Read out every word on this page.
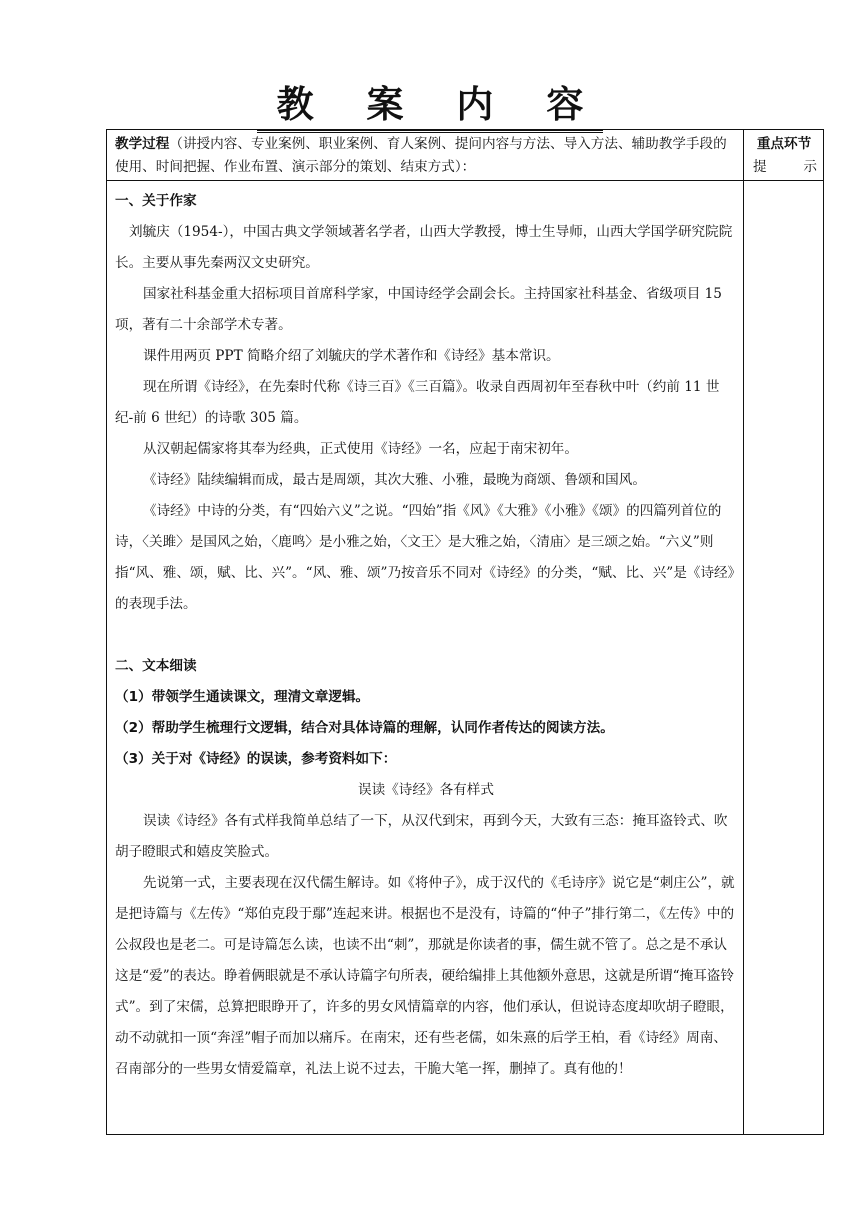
教 案 内 容
教学过程（讲授内容、专业案例、职业案例、育人案例、提问内容与方法、导入方法、辅助教学手段的使用、时间把握、作业布置、演示部分的策划、结束方式）：
重点环节
提	示

一、关于作家

刘毓庆（1954-），中国古典文学领域著名学者，山西大学教授，博士生导师，山西大学国学研究院院长。主要从事先秦两汉文史研究。

国家社科基金重大招标项目首席科学家，中国诗经学会副会长。主持国家社科基金、省级项目 15 项，著有二十余部学术专著。

课件用两页 PPT 简略介绍了刘毓庆的学术著作和《诗经》基本常识。

现在所谓《诗经》，在先秦时代称《诗三百》《三百篇》。收录自西周初年至春秋中叶（约前 11 世纪-前 6 世纪）的诗歌 305 篇。

从汉朝起儒家将其奉为经典，正式使用《诗经》一名，应起于南宋初年。

《诗经》陆续编辑而成，最古是周颂，其次大雅、小雅，最晚为商颂、鲁颂和国风。

《诗经》中诗的分类，有“四始六义”之说。“四始”指《风》《大雅》《小雅》《颂》的四篇列首位的诗，〈关雎〉是国风之始，〈鹿鸣〉是小雅之始，〈文王〉是大雅之始，〈清庙〉是三颂之始。“六义”则指“风、雅、颂，赋、比、兴”。“风、雅、颂”乃按音乐不同对《诗经》的分类，“赋、比、兴”是《诗经》的表现手法。

二、文本细读

（1）带领学生通读课文，理清文章逻辑。

（2）帮助学生梳理行文逻辑，结合对具体诗篇的理解，认同作者传达的阅读方法。

（3）关于对《诗经》的误读，参考资料如下：

误读《诗经》各有样式

误读《诗经》各有式样我简单总结了一下，从汉代到宋，再到今天，大致有三态：掩耳盗铃式、吹胡子瞪眼式和嬉皮笑脸式。

先说第一式，主要表现在汉代儒生解诗。如《将仲子》，成于汉代的《毛诗序》说它是“刺庄公”，就是把诗篇与《左传》“郑伯克段于鄢”连起来讲。根据也不是没有，诗篇的“仲子”排行第二，《左传》中的公叔段也是老二。可是诗篇怎么读，也读不出“刺”，那就是你读者的事，儒生就不管了。总之是不承认这是“爱”的表达。睁着俩眼就是不承认诗篇字句所表，硬给编排上其他额外意思，这就是所谓“掩耳盗铃式”。到了宋儒，总算把眼睁开了，许多的男女风情篇章的内容，他们承认，但说诗态度却吹胡子瞪眼，动不动就扣一顶“奔淫”帽子而加以痛斥。在南宋，还有些老儒，如朱熹的后学王柏，看《诗经》周南、召南部分的一些男女情爱篇章，礼法上说不过去，干脆大笔一挥，删掉了。真有他的！
